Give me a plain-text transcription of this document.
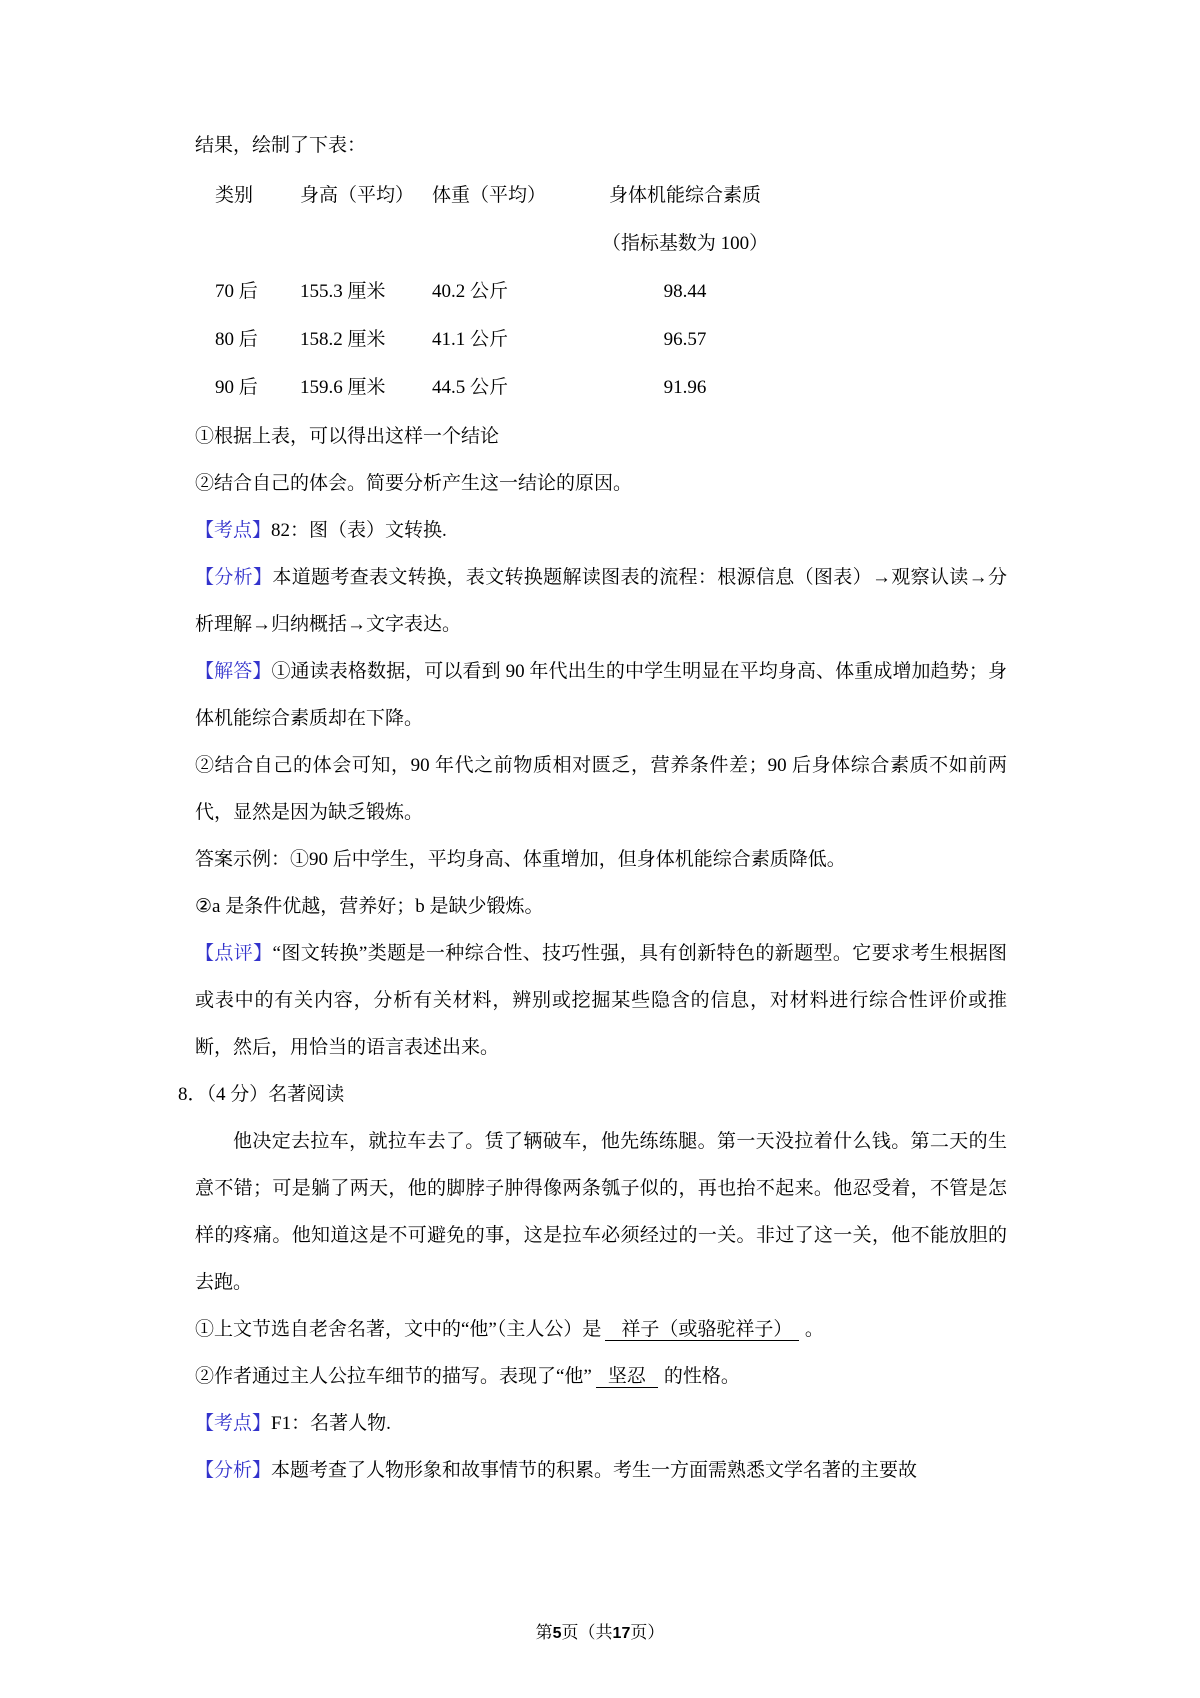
结果，绘制了下表：

类别	身高（平均）	体重（平均）	身体机能综合素质
			（指标基数为 100）
70 后	155.3 厘米	40.2 公斤	98.44
80 后	158.2 厘米	41.1 公斤	96.57
90 后	159.6 厘米	44.5 公斤	91.96

①根据上表，可以得出这样一个结论

②结合自己的体会。简要分析产生这一结论的原因。

【考点】82：图（表）文转换.

【分析】本道题考查表文转换，表文转换题解读图表的流程：根源信息（图表）→观察认读→分析理解→归纳概括→文字表达。

【解答】①通读表格数据，可以看到 90 年代出生的中学生明显在平均身高、体重成增加趋势；身体机能综合素质却在下降。

②结合自己的体会可知，90 年代之前物质相对匮乏，营养条件差；90 后身体综合素质不如前两代，显然是因为缺乏锻炼。

答案示例：①90 后中学生，平均身高、体重增加，但身体机能综合素质降低。

②a 是条件优越，营养好；b 是缺少锻炼。

【点评】“图文转换”类题是一种综合性、技巧性强，具有创新特色的新题型。它要求考生根据图或表中的有关内容，分析有关材料，辨别或挖掘某些隐含的信息，对材料进行综合性评价或推断，然后，用恰当的语言表述出来。

8．（4 分）名著阅读

他决定去拉车，就拉车去了。赁了辆破车，他先练练腿。第一天没拉着什么钱。第二天的生意不错；可是躺了两天，他的脚脖子肿得像两条瓠子似的，再也抬不起来。他忍受着，不管是怎样的疼痛。他知道这是不可避免的事，这是拉车必须经过的一关。非过了这一关，他不能放胆的去跑。

①上文节选自老舍名著，文中的“他”（主人公）是 祥子（或骆驼祥子） 。

②作者通过主人公拉车细节的描写。表现了“他” 坚忍 的性格。

【考点】F1：名著人物.

【分析】本题考查了人物形象和故事情节的积累。考生一方面需熟悉文学名著的主要故

第5页（共17页）
